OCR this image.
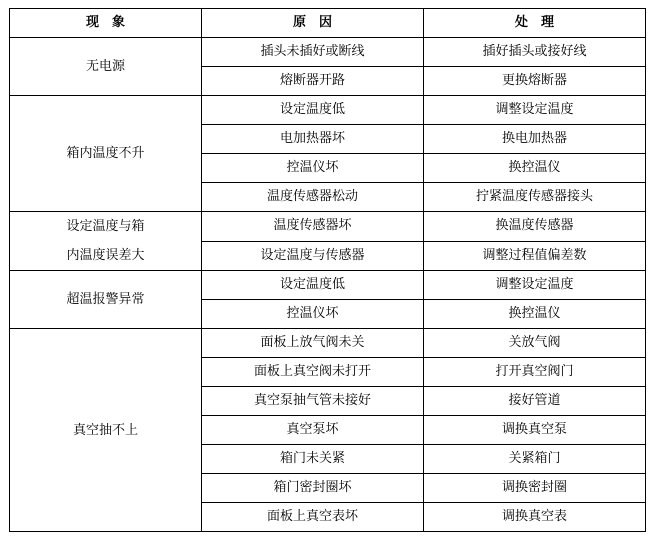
现　象	原　因	处　理

无电源	插头未插好或断线	插好插头或接好线
	熔断器开路	更换熔断器

箱内温度不升	设定温度低	调整设定温度
	电加热器坏	换电加热器
	控温仪坏	换控温仪
	温度传感器松动	拧紧温度传感器接头

设定温度与箱
内温度误差大	温度传感器坏	换温度传感器
	设定温度与传感器	调整过程值偏差数

超温报警异常	设定温度低	调整设定温度
	控温仪坏	换控温仪

真空抽不上	面板上放气阀未关	关放气阀
	面板上真空阀未打开	打开真空阀门
	真空泵抽气管未接好	接好管道
	真空泵坏	调换真空泵
	箱门未关紧	关紧箱门
	箱门密封圈坏	调换密封圈
	面板上真空表坏	调换真空表
